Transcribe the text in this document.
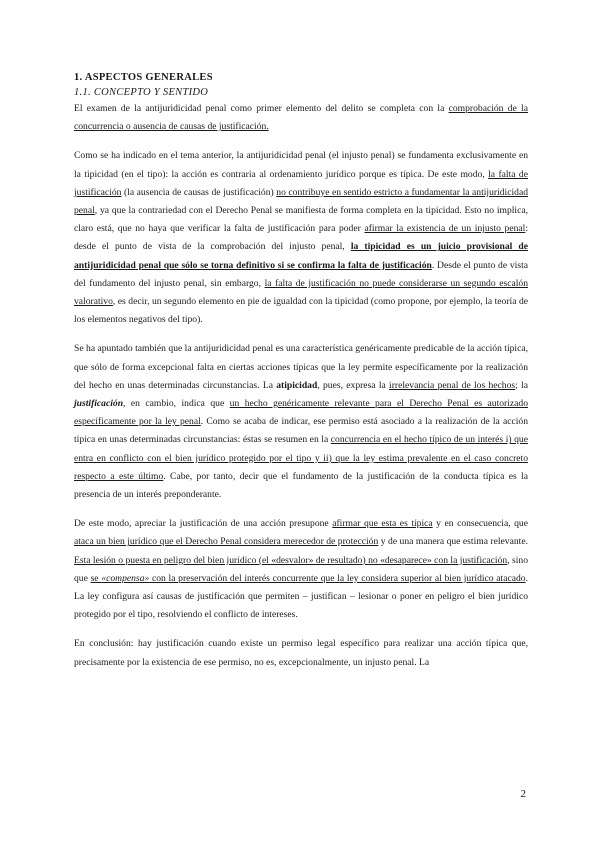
1. ASPECTOS GENERALES
1.1. CONCEPTO Y SENTIDO

El examen de la antijuridicidad penal como primer elemento del delito se completa con la comprobación de la concurrencia o ausencia de causas de justificación.

Como se ha indicado en el tema anterior, la antijuridicidad penal (el injusto penal) se fundamenta exclusivamente en la tipicidad (en el tipo): la acción es contraria al ordenamiento jurídico porque es típica. De este modo, la falta de justificación (la ausencia de causas de justificación) no contribuye en sentido estricto a fundamentar la antijuridicidad penal, ya que la contrariedad con el Derecho Penal se manifiesta de forma completa en la tipicidad. Esto no implica, claro está, que no haya que verificar la falta de justificación para poder afirmar la existencia de un injusto penal: desde el punto de vista de la comprobación del injusto penal, la tipicidad es un juicio provisional de antijuridicidad penal que sólo se torna definitivo si se confirma la falta de justificación. Desde el punto de vista del fundamento del injusto penal, sin embargo, la falta de justificación no puede considerarse un segundo escalón valorativo, es decir, un segundo elemento en pie de igualdad con la tipicidad (como propone, por ejemplo, la teoría de los elementos negativos del tipo).

Se ha apuntado también que la antijuridicidad penal es una característica genéricamente predicable de la acción típica, que sólo de forma excepcional falta en ciertas acciones típicas que la ley permite específicamente por la realización del hecho en unas determinadas circunstancias. La atipicidad, pues, expresa la irrelevancia penal de los hechos; la justificación, en cambio, indica que un hecho genéricamente relevante para el Derecho Penal es autorizado específicamente por la ley penal. Como se acaba de indicar, ese permiso está asociado a la realización de la acción típica en unas determinadas circunstancias: éstas se resumen en la concurrencia en el hecho típico de un interés i) que entra en conflicto con el bien jurídico protegido por el tipo y ii) que la ley estima prevalente en el caso concreto respecto a este último. Cabe, por tanto, decir que el fundamento de la justificación de la conducta típica es la presencia de un interés preponderante.

De este modo, apreciar la justificación de una acción presupone afirmar que esta es típica y en consecuencia, que ataca un bien jurídico que el Derecho Penal considera merecedor de protección y de una manera que estima relevante. Esta lesión o puesta en peligro del bien jurídico (el «desvalor» de resultado) no «desaparece» con la justificación, sino que se «compensa» con la preservación del interés concurrente que la ley considera superior al bien jurídico atacado. La ley configura así causas de justificación que permiten – justifican – lesionar o poner en peligro el bien jurídico protegido por el tipo, resolviendo el conflicto de intereses.

En conclusión: hay justificación cuando existe un permiso legal específico para realizar una acción típica que, precisamente por la existencia de ese permiso, no es, excepcionalmente, un injusto penal. La

2
